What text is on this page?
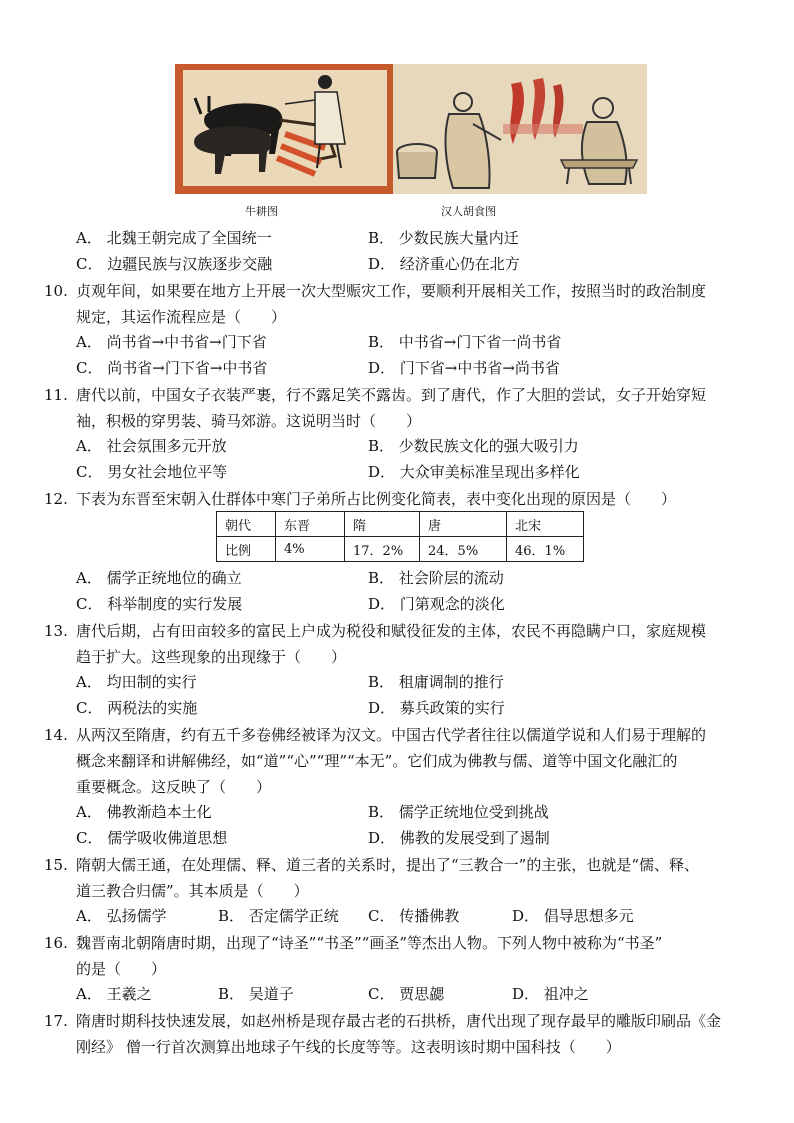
牛耕图	汉人胡食图
A． 北魏王朝完成了全国统一	B． 少数民族大量内迁
C． 边疆民族与汉族逐步交融	D． 经济重心仍在北方
10. 贞观年间，如果要在地方上开展一次大型赈灾工作，要顺利开展相关工作，按照当时的政治制度
规定，其运作流程应是（　　）
A． 尚书省→中书省→门下省	B． 中书省→门下省一尚书省
C． 尚书省→门下省→中书省	D． 门下省→中书省→尚书省
11. 唐代以前，中国女子衣装严裹，行不露足笑不露齿。到了唐代，作了大胆的尝试，女子开始穿短
袖，积极的穿男装、骑马郊游。这说明当时（　　）
A． 社会氛围多元开放	B． 少数民族文化的强大吸引力
C． 男女社会地位平等	D． 大众审美标准呈现出多样化
12. 下表为东晋至宋朝入仕群体中寒门子弟所占比例变化简表，表中变化出现的原因是（　　）
朝代	东晋	隋	唐	北宋
比例	4%	17．2%	24．5%	46．1%
A． 儒学正统地位的确立	B． 社会阶层的流动
C． 科举制度的实行发展	D． 门第观念的淡化
13. 唐代后期，占有田亩较多的富民上户成为税役和赋役征发的主体，农民不再隐瞒户口，家庭规模
趋于扩大。这些现象的出现缘于（　　）
A． 均田制的实行	B． 租庸调制的推行
C． 两税法的实施	D． 募兵政策的实行
14. 从两汉至隋唐，约有五千多卷佛经被译为汉文。中国古代学者往往以儒道学说和人们易于理解的
概念来翻译和讲解佛经，如“道”“心”“理”“本无”。它们成为佛教与儒、道等中国文化融汇的
重要概念。这反映了（　　）
A． 佛教渐趋本土化	B． 儒学正统地位受到挑战
C． 儒学吸收佛道思想	D． 佛教的发展受到了遏制
15. 隋朝大儒王通，在处理儒、释、道三者的关系时，提出了“三教合一”的主张，也就是“儒、释、
道三教合归儒”。其本质是（　　）
A． 弘扬儒学	B． 否定儒学正统 C． 传播佛教	D． 倡导思想多元
16. 魏晋南北朝隋唐时期，出现了“诗圣”“书圣”“画圣”等杰出人物。下列人物中被称为“书圣”
的是（　　）
A． 王羲之	B． 吴道子	C． 贾思勰	D． 祖冲之
17. 隋唐时期科技快速发展，如赵州桥是现存最古老的石拱桥，唐代出现了现存最早的雕版印刷品《金
刚经》 僧一行首次测算出地球子午线的长度等等。这表明该时期中国科技（　　）
